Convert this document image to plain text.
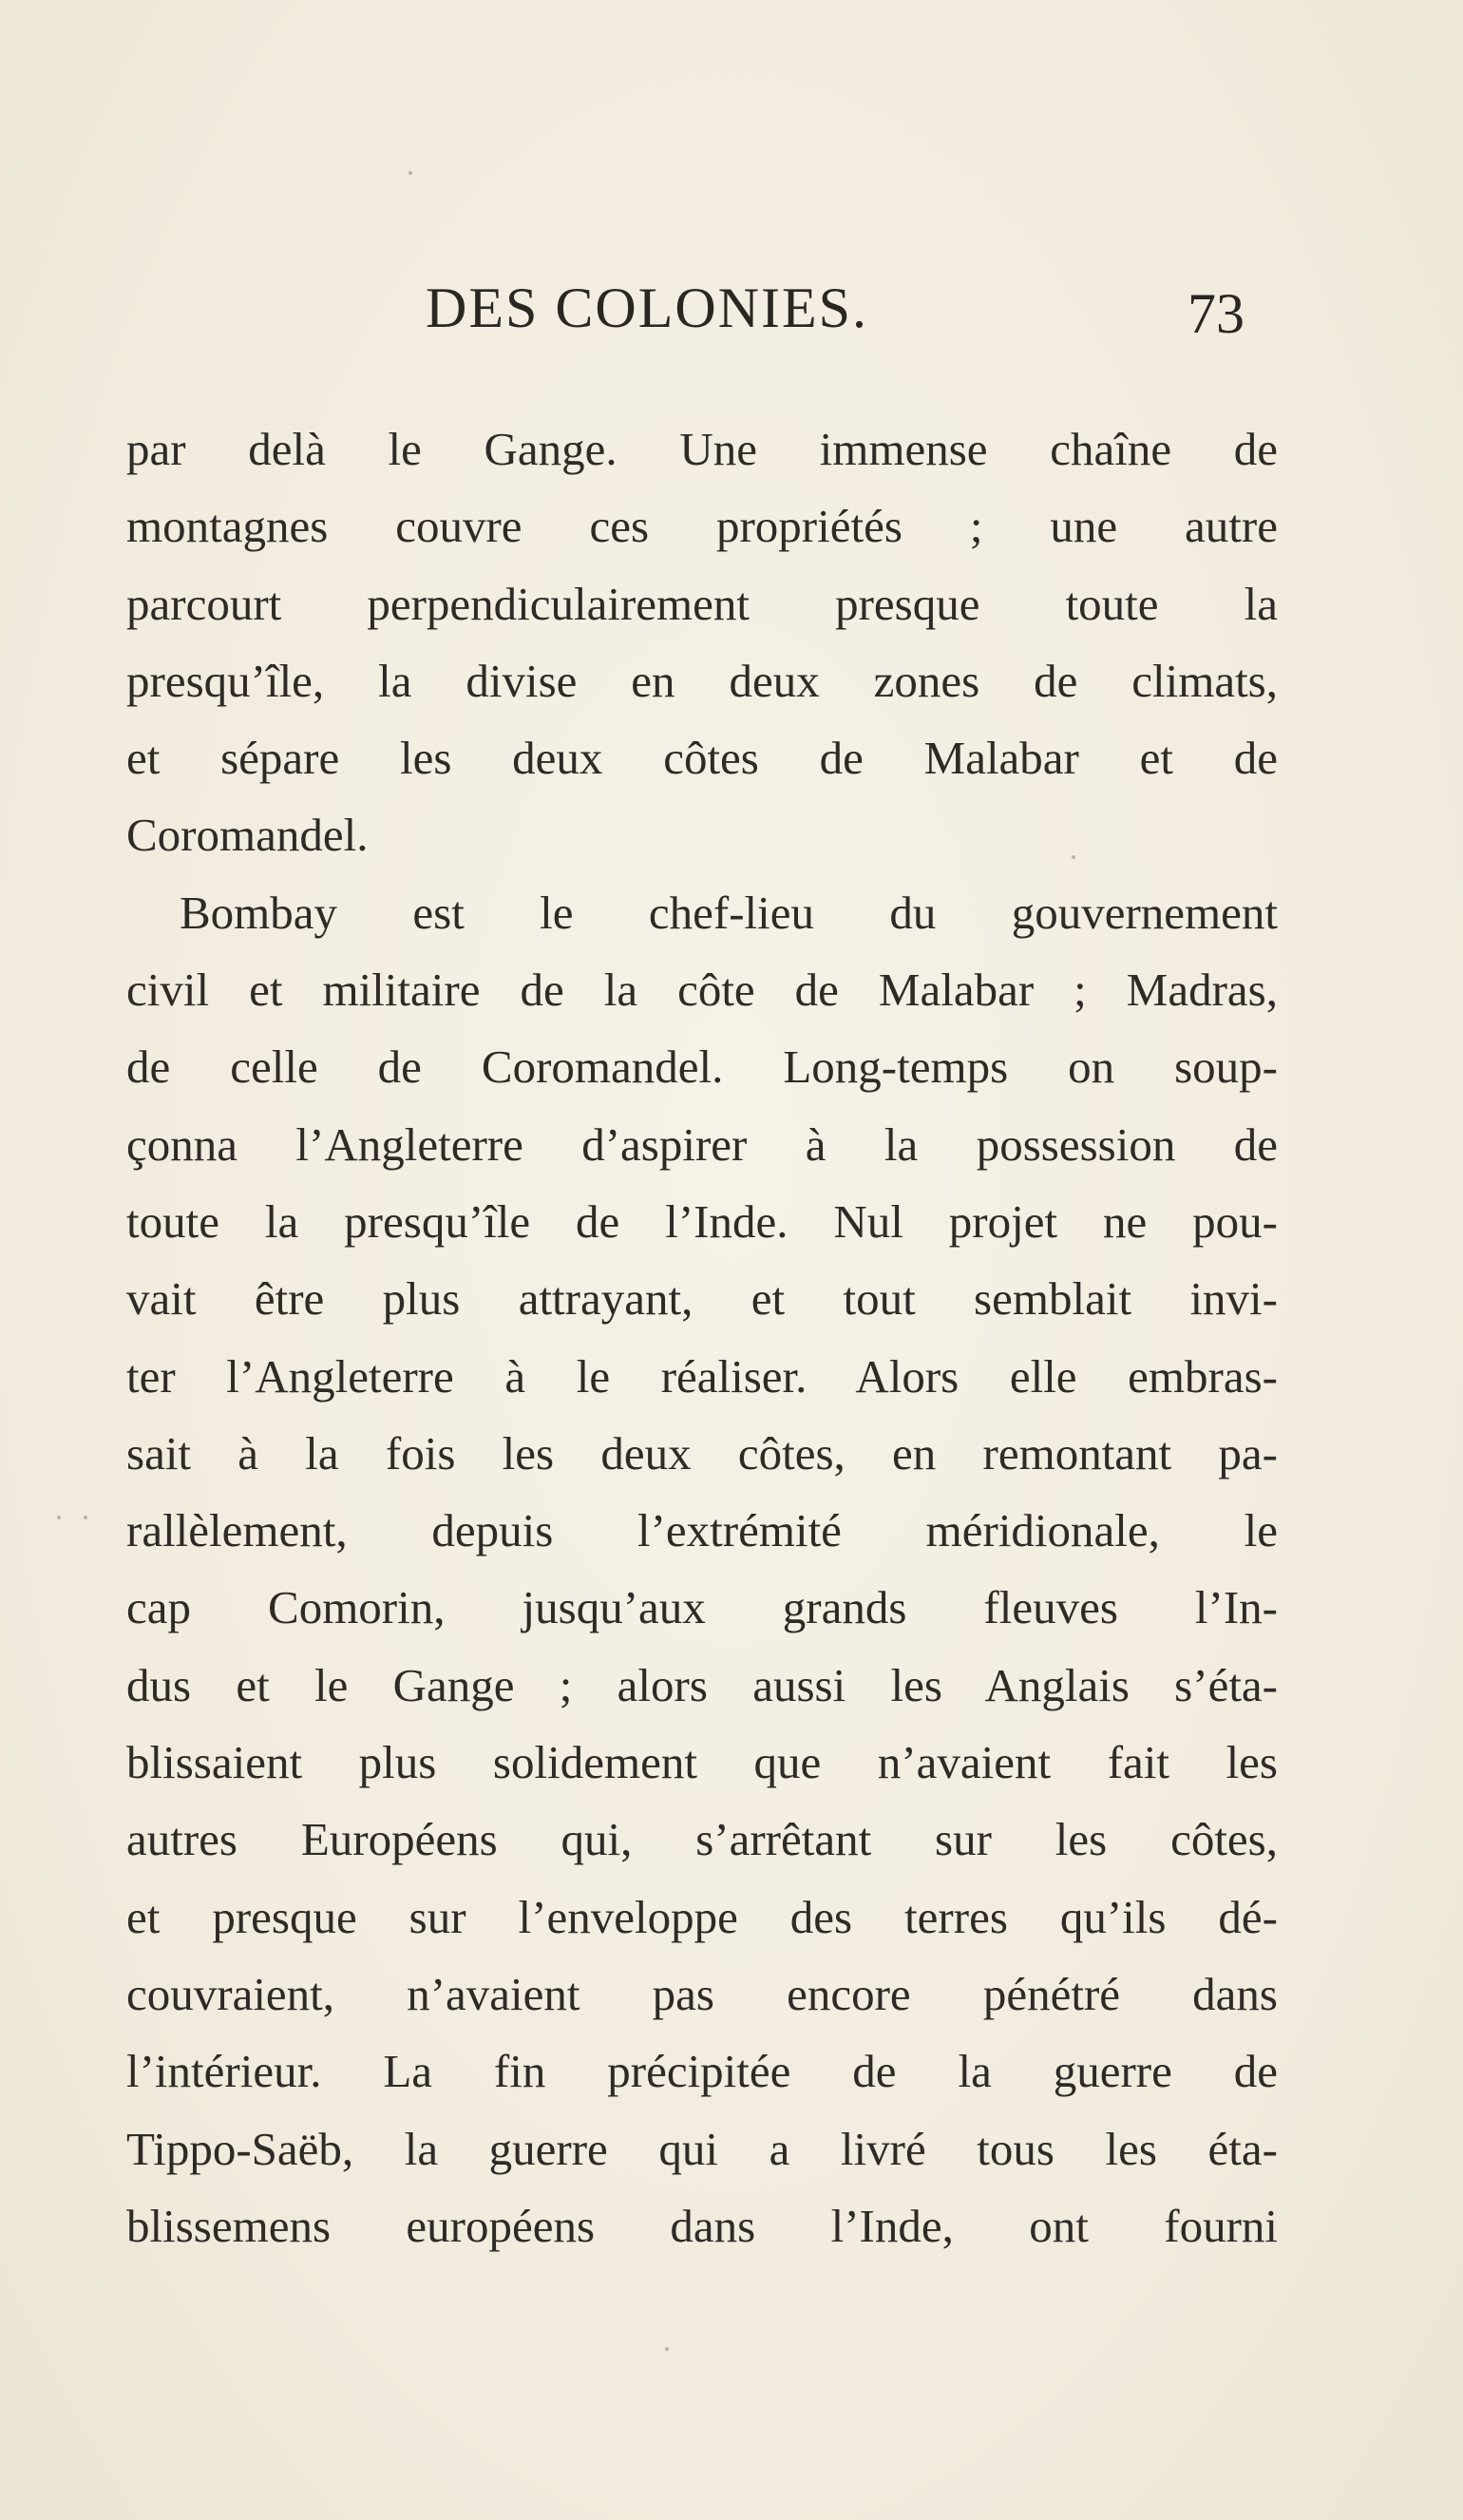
DES COLONIES.	73
par delà le Gange. Une immense chaîne de
montagnes couvre ces propriétés ; une autre
parcourt perpendiculairement presque toute la
presqu’île, la divise en deux zones de climats,
et sépare les deux côtes de Malabar et de
Coromandel.
Bombay est le chef-lieu du gouvernement
civil et militaire de la côte de Malabar ; Madras,
de celle de Coromandel. Long-temps on soup-
çonna l’Angleterre d’aspirer à la possession de
toute la presqu’île de l’Inde. Nul projet ne pou-
vait être plus attrayant, et tout semblait invi-
ter l’Angleterre à le réaliser. Alors elle embras-
sait à la fois les deux côtes, en remontant pa-
rallèlement, depuis l’extrémité méridionale, le
cap Comorin, jusqu’aux grands fleuves l’In-
dus et le Gange ; alors aussi les Anglais s’éta-
blissaient plus solidement que n’avaient fait les
autres Européens qui, s’arrêtant sur les côtes,
et presque sur l’enveloppe des terres qu’ils dé-
couvraient, n’avaient pas encore pénétré dans
l’intérieur. La fin précipitée de la guerre de
Tippo-Saëb, la guerre qui a livré tous les éta-
blissemens européens dans l’Inde, ont fourni
